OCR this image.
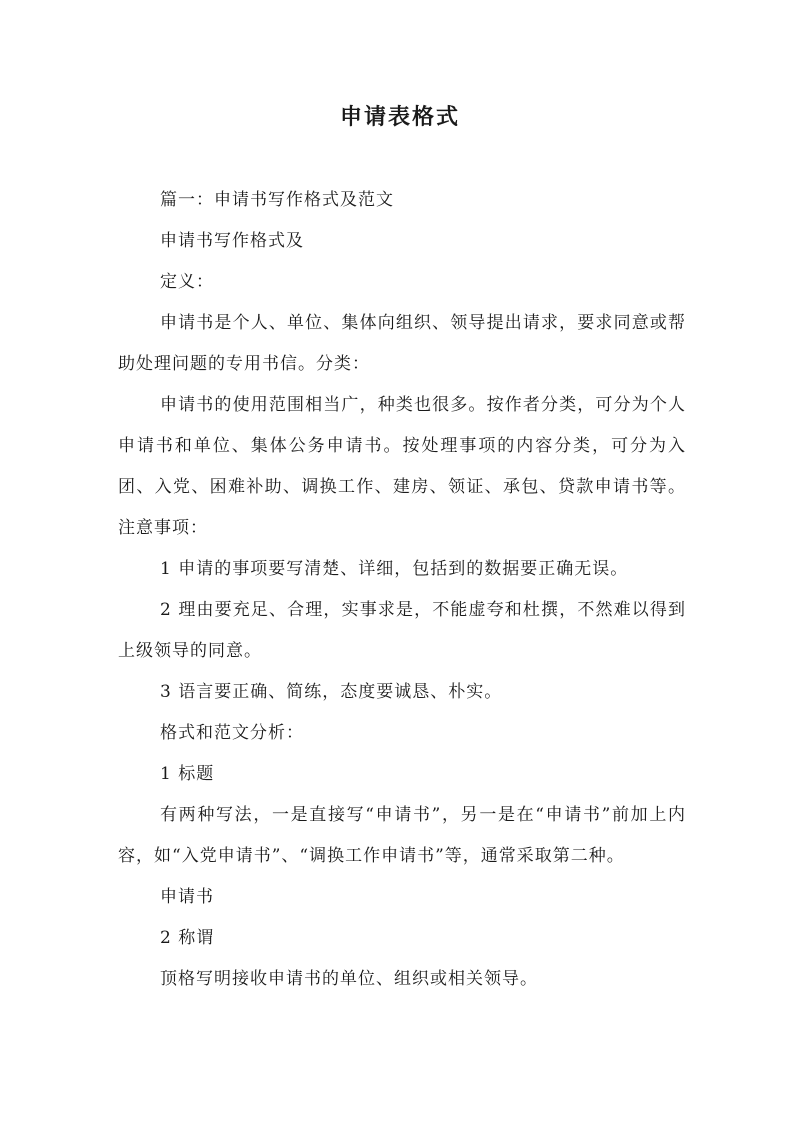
申请表格式

篇一：申请书写作格式及范文

申请书写作格式及

定义：

申请书是个人、单位、集体向组织、领导提出请求，要求同意或帮助处理问题的专用书信。分类：

申请书的使用范围相当广，种类也很多。按作者分类，可分为个人申请书和单位、集体公务申请书。按处理事项的内容分类，可分为入团、入党、困难补助、调换工作、建房、领证、承包、贷款申请书等。注意事项：

1 申请的事项要写清楚、详细，包括到的数据要正确无误。

2 理由要充足、合理，实事求是，不能虚夸和杜撰，不然难以得到上级领导的同意。

3 语言要正确、简练，态度要诚恳、朴实。

格式和范文分析：

1 标题

有两种写法，一是直接写“申请书”，另一是在“申请书”前加上内容，如“入党申请书”、“调换工作申请书”等，通常采取第二种。

申请书

2 称谓

顶格写明接收申请书的单位、组织或相关领导。
